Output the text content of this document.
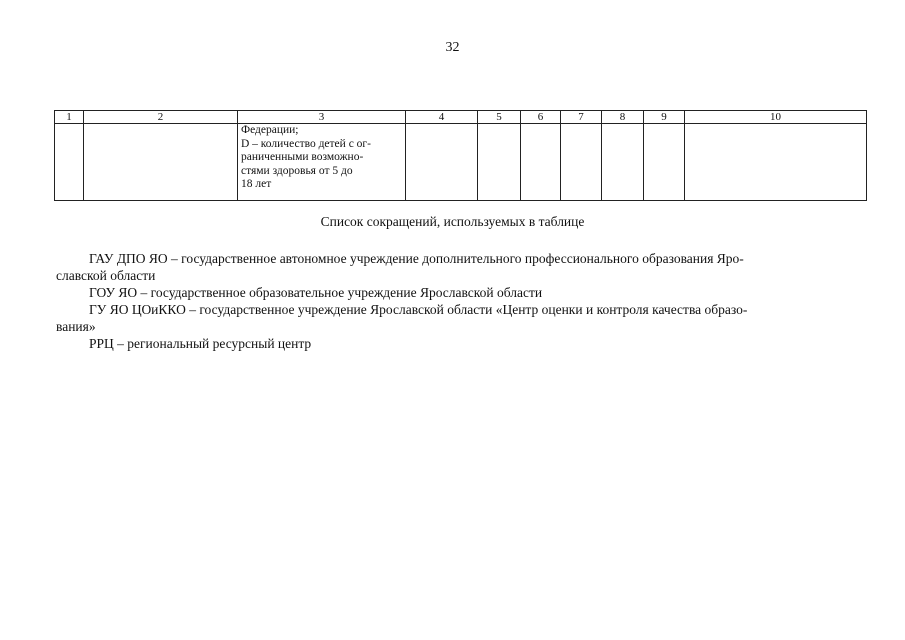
32
1	2	3	4	5	6	7	8	9	10

		Федерации;
D – количество детей с ог-
раниченными возможно-
стями здоровья от 5 до
18 лет							

Список сокращений, используемых в таблице

ГАУ ДПО ЯО – государственное автономное учреждение дополнительного профессионального образования Яро-

славской области

ГОУ ЯО – государственное образовательное учреждение Ярославской области

ГУ ЯО ЦОиККО – государственное учреждение Ярославской области «Центр оценки и контроля качества образо-

вания»

РРЦ – региональный ресурсный центр
